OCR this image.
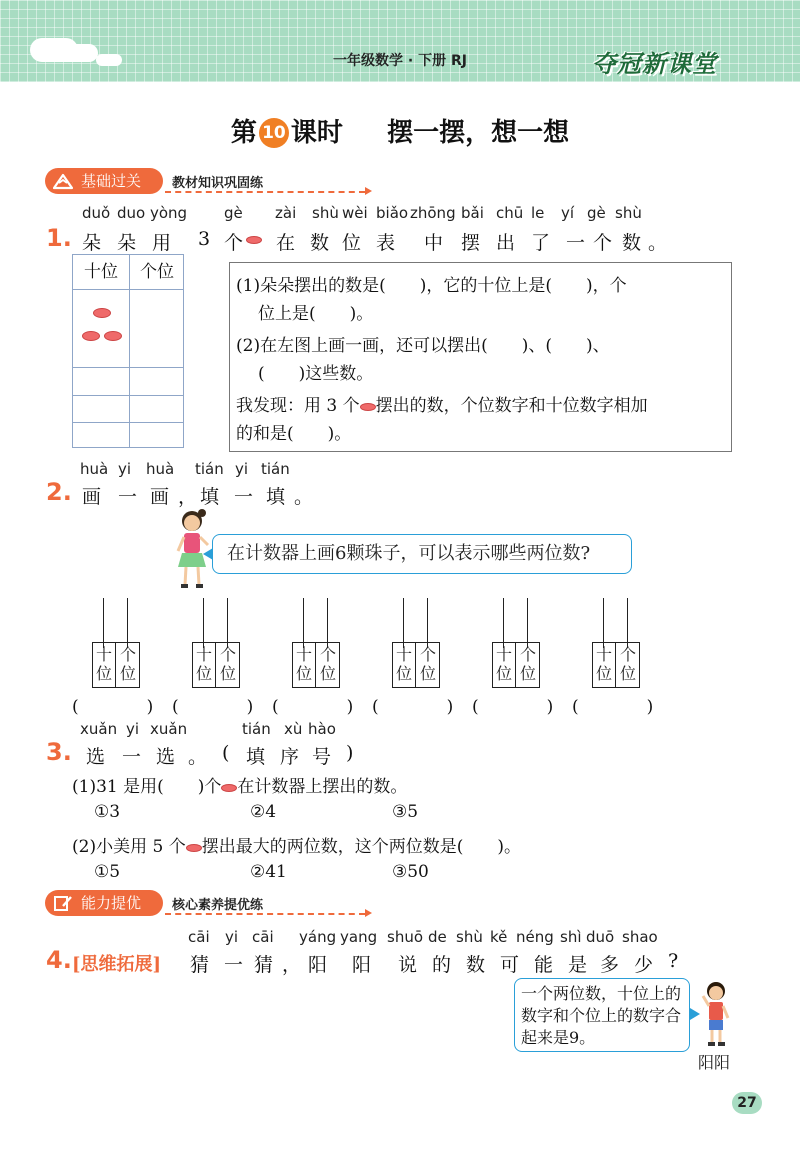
一年级数学 · 下册 RJ	夺冠新课堂
第 10 课时 摆一摆，想一想
基础过关	教材知识巩固练
1.
duǒ duo yòng gè zài shù wèi biǎo zhōng bǎi chū le yí gè shù
朵 朵 用 3 个 在 数 位 表 中 摆 出 了 一 个 数 。
十位	个位
(1)朵朵摆出的数是(　　)，它的十位上是(　　)，个
位上是(　　)。
(2)在左图上画一画，还可以摆出(　　)、(　　)、
(　　)这些数。
我发现：用 3 个 摆出的数，个位数字和十位数字相加
的和是(　　)。
huà yi huà tián yi tián
2. 画 一 画 ， 填 一 填 。
在计数器上画6颗珠子，可以表示哪些两位数?
十
位
个
位
(　　　　)
十
位
个
位
(　　　　)
十
位
个
位
(　　　　)
十
位
个
位
(　　　　)
十
位
个
位
(　　　　)
十
位
个
位
(　　　　)
xuǎn yi xuǎn	tián xù hào
3. 选 一 选 。 ( 填 序 号 )
(1)31 是用(　　)个 在计数器上摆出的数。
①3	②4	③5
(2)小美用 5 个 摆出最大的两位数，这个两位数是(　　)。
①5	②41	③50
能力提优	核心素养提优练
cāi yi cāi yáng yang shuō de shù kě néng shì duō shao
4. [思维拓展] 猜 一 猜 ， 阳 阳 说 的 数 可 能 是 多 少 ?
一个两位数，十位上的数字和个位上的数字合起来是9。
阳阳
27
